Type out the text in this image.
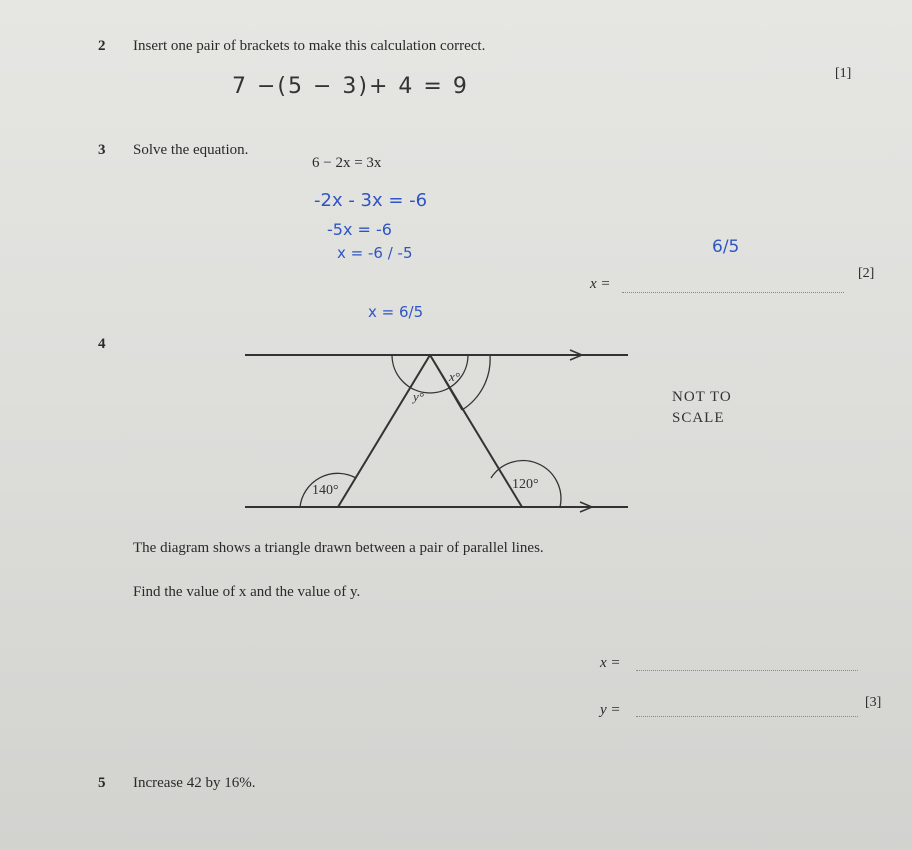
2 Insert one pair of brackets to make this calculation correct.
7 −(5 − 3)+ 4 = 9
[1]
3 Solve the equation.
6 − 2x = 3x
-2x - 3x = -6
-5x = -6
x = -6 / -5
x = 6/5
x =
6/5
[2]
4
x°
y°
140°	120°
NOT TO
SCALE
The diagram shows a triangle drawn between a pair of parallel lines.
Find the value of x and the value of y.
x =
y =	[3]
5 Increase 42 by 16%.
